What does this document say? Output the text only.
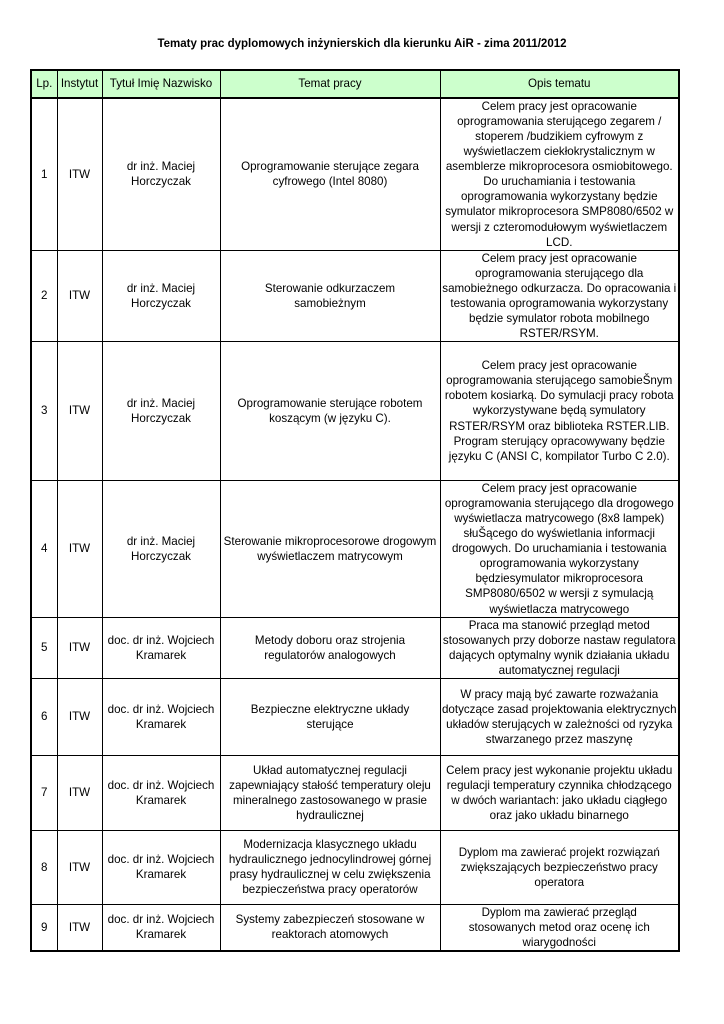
Tematy prac dyplomowych inżynierskich dla kierunku AiR - zima 2011/2012
Lp.	Instytut	Tytuł Imię Nazwisko	Temat pracy	Opis tematu
1	ITW	dr inż. Maciej Horczyczak	Oprogramowanie sterujące zegara cyfrowego (Intel 8080)	Celem pracy jest opracowanie oprogramowania sterującego zegarem / stoperem /budzikiem cyfrowym z wyświetlaczem ciekłokrystalicznym w asemblerze mikroprocesora osmiobitowego. Do uruchamiania i testowania oprogramowania wykorzystany będzie symulator mikroprocesora SMP8080/6502 w wersji z czteromodułowym wyświetlaczem LCD.
2	ITW	dr inż. Maciej Horczyczak	Sterowanie odkurzaczem samobieżnym	Celem pracy jest opracowanie oprogramowania sterującego dla samobieżnego odkurzacza. Do opracowania i testowania oprogramowania wykorzystany będzie symulator robota mobilnego RSTER/RSYM.
3	ITW	dr inż. Maciej Horczyczak	Oprogramowanie sterujące robotem koszącym (w języku C).	Celem pracy jest opracowanie oprogramowania sterującego samobieŠnym robotem kosiarką. Do symulacji pracy robota wykorzystywane będą symulatory RSTER/RSYM oraz biblioteka RSTER.LIB. Program sterujący opracowywany będzie języku C (ANSI C, kompilator Turbo C 2.0).
4	ITW	dr inż. Maciej Horczyczak	Sterowanie mikroprocesorowe drogowym wyświetlaczem matrycowym	Celem pracy jest opracowanie oprogramowania sterującego dla drogowego wyświetlacza matrycowego (8x8 lampek) słuŠącego do wyświetlania informacji drogowych. Do uruchamiania i testowania oprogramowania wykorzystany będziesymulator mikroprocesora SMP8080/6502 w wersji z symulacją wyświetlacza matrycowego
5	ITW	doc. dr inż. Wojciech Kramarek	Metody doboru oraz strojenia regulatorów analogowych	Praca ma stanowić przegląd metod stosowanych przy doborze nastaw regulatora dających optymalny wynik działania układu automatycznej regulacji
6	ITW	doc. dr inż. Wojciech Kramarek	Bezpieczne elektryczne układy sterujące	W pracy mają być zawarte rozważania dotyczące zasad projektowania elektrycznych układów sterujących w zależności od ryzyka stwarzanego przez maszynę
7	ITW	doc. dr inż. Wojciech Kramarek	Układ automatycznej regulacji zapewniający stałość temperatury oleju mineralnego zastosowanego w prasie hydraulicznej	Celem pracy jest wykonanie projektu układu regulacji temperatury czynnika chłodzącego w dwóch wariantach: jako układu ciągłego oraz jako układu binarnego
8	ITW	doc. dr inż. Wojciech Kramarek	Modernizacja klasycznego układu hydraulicznego jednocylindrowej górnej prasy hydraulicznej w celu zwiększenia bezpieczeństwa pracy operatorów	Dyplom ma zawierać projekt rozwiązań zwiększających bezpieczeństwo pracy operatora
9	ITW	doc. dr inż. Wojciech Kramarek	Systemy zabezpieczeń stosowane w reaktorach atomowych	Dyplom ma zawierać przegląd stosowanych metod oraz ocenę ich wiarygodności
